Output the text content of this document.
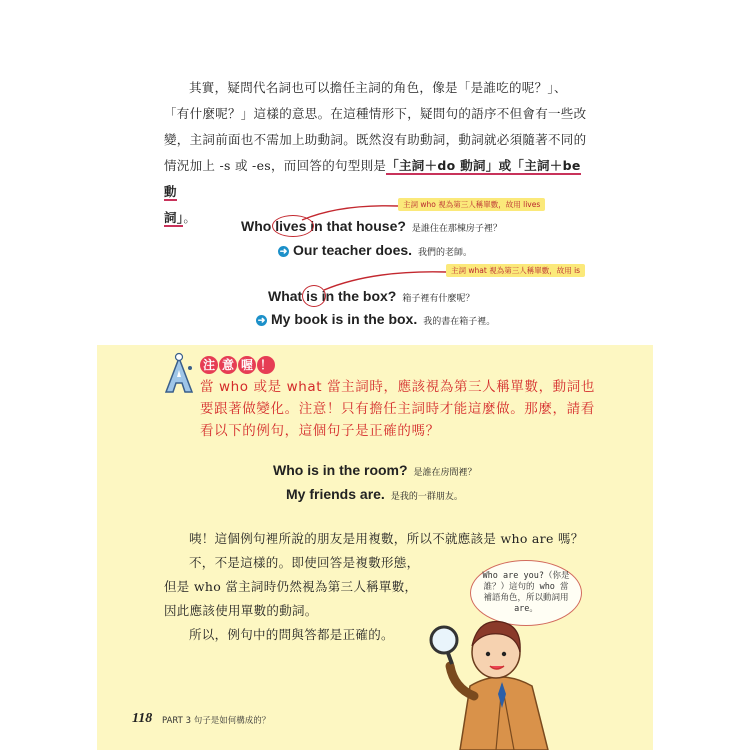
其實，疑問代名詞也可以擔任主詞的角色，像是「是誰吃的呢？」、
「有什麼呢？」這樣的意思。在這種情形下，疑問句的語序不但會有一些改
變，主詞前面也不需加上助動詞。既然沒有助動詞，動詞就必須隨著不同的
情況加上 -s 或 -es，而回答的句型則是「主詞＋do 動詞」或「主詞＋be 動
詞」。
主詞 who 視為第三人稱單數，故用 lives
Who lives in that house? 是誰住在那棟房子裡？
➜ Our teacher does. 我們的老師。
主詞 what 視為第三人稱單數，故用 is
What is in the box? 箱子裡有什麼呢？
➜ My book is in the box. 我的書在箱子裡。
注 意 喔 ！
當 who 或是 what 當主詞時，應該視為第三人稱單數，動詞也要跟著做變化。注意！只有擔任主詞時才能這麼做。那麼，請看看以下的例句，這個句子是正確的嗎？
Who is in the room? 是誰在房間裡？
My friends are. 是我的一群朋友。
咦！這個例句裡所說的朋友是用複數，所以不就應該是 who are 嗎？
不，不是這樣的。即使回答是複數形態，
但是 who 當主詞時仍然視為第三人稱單數，
因此應該使用單數的動詞。
所以，例句中的問與答都是正確的。
Who are you?（你是誰？）這句的 who 當補語角色，所以動詞用 are。
118 PART 3 句子是如何構成的？
